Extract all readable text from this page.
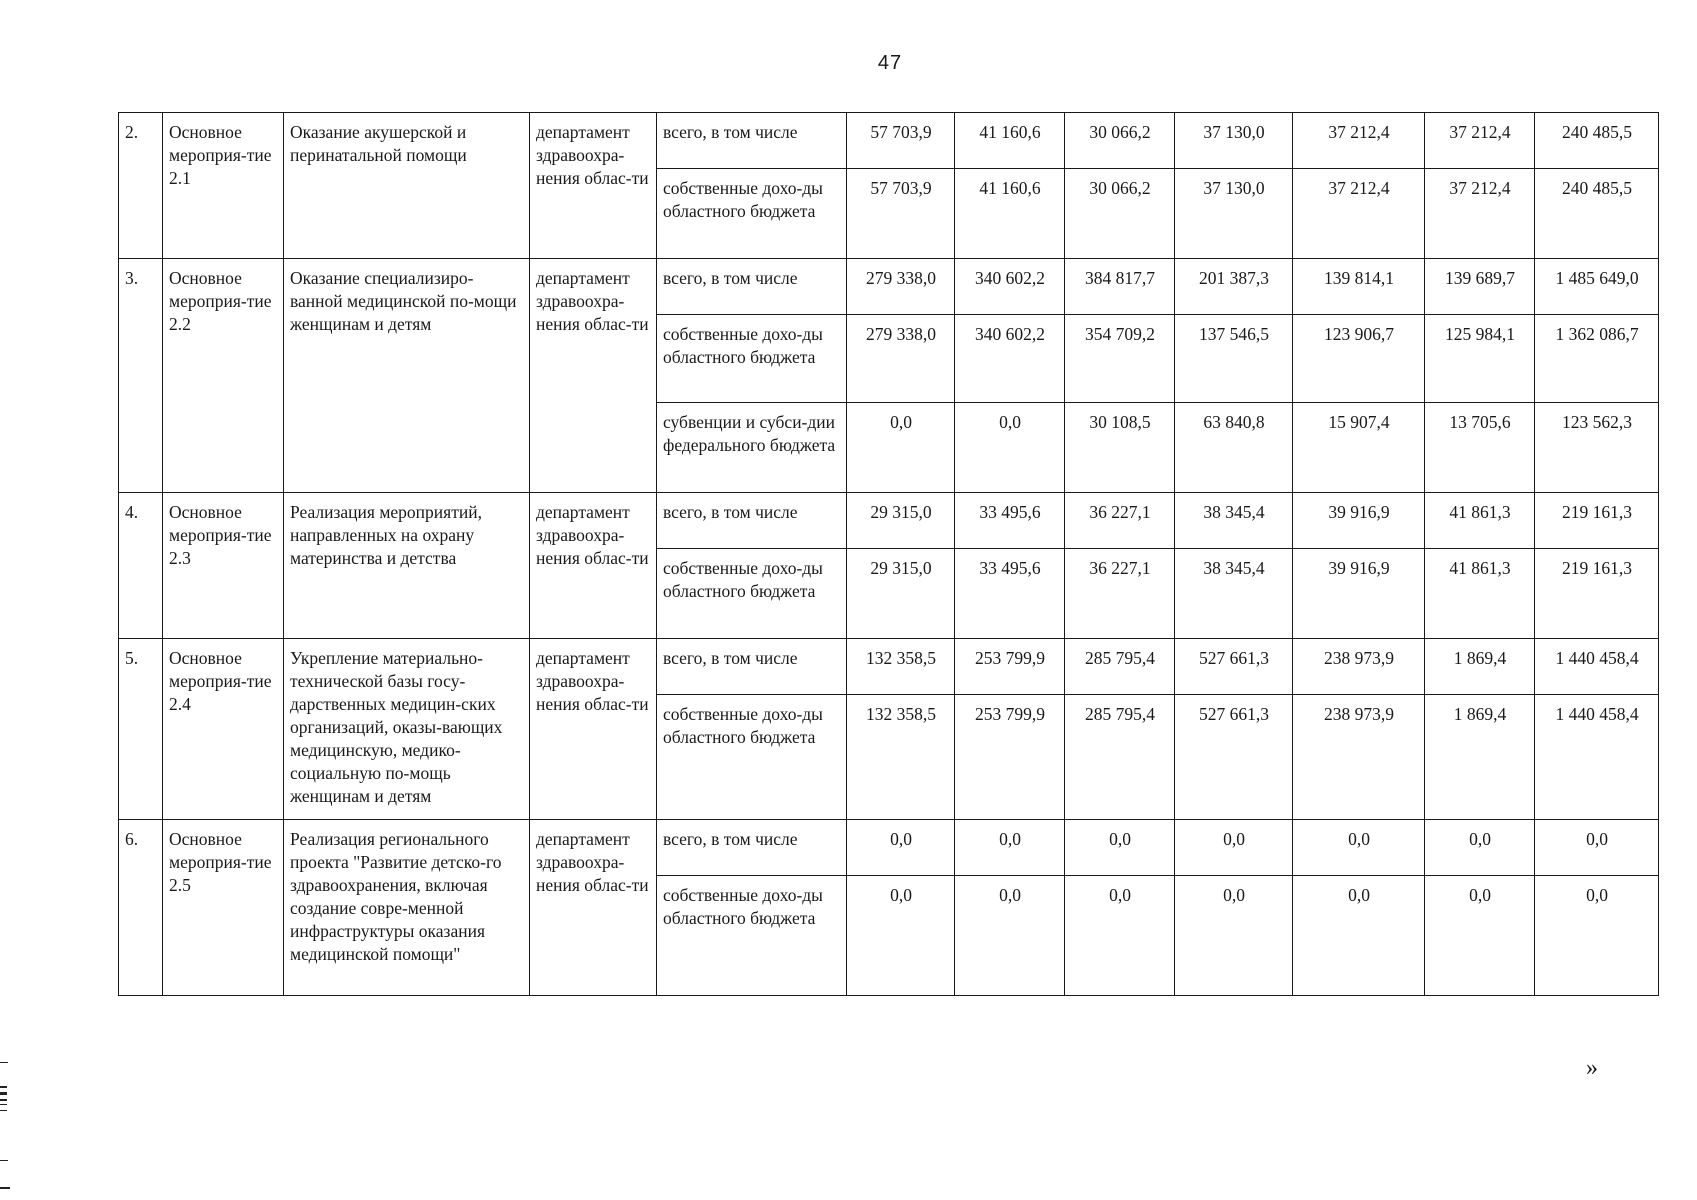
47
2.	Основное мероприя-тие 2.1	Оказание акушерской и перинатальной помощи	департамент здравоохра-нения облас-ти	всего, в том числе	57 703,9	41 160,6	30 066,2	37 130,0	37 212,4	37 212,4	240 485,5
				собственные дохо-ды областного бюджета	57 703,9	41 160,6	30 066,2	37 130,0	37 212,4	37 212,4	240 485,5
3.	Основное мероприя-тие 2.2	Оказание специализиро-ванной медицинской по-мощи женщинам и детям	департамент здравоохра-нения облас-ти	всего, в том числе	279 338,0	340 602,2	384 817,7	201 387,3	139 814,1	139 689,7	1 485 649,0
				собственные дохо-ды областного бюджета	279 338,0	340 602,2	354 709,2	137 546,5	123 906,7	125 984,1	1 362 086,7
				субвенции и субси-дии федерального бюджета	0,0	0,0	30 108,5	63 840,8	15 907,4	13 705,6	123 562,3
4.	Основное мероприя-тие 2.3	Реализация мероприятий, направленных на охрану материнства и детства	департамент здравоохра-нения облас-ти	всего, в том числе	29 315,0	33 495,6	36 227,1	38 345,4	39 916,9	41 861,3	219 161,3
				собственные дохо-ды областного бюджета	29 315,0	33 495,6	36 227,1	38 345,4	39 916,9	41 861,3	219 161,3
5.	Основное мероприя-тие 2.4	Укрепление материально-технической базы госу-дарственных медицин-ских организаций, оказы-вающих медицинскую, медико-социальную по-мощь женщинам и детям	департамент здравоохра-нения облас-ти	всего, в том числе	132 358,5	253 799,9	285 795,4	527 661,3	238 973,9	1 869,4	1 440 458,4
				собственные дохо-ды областного бюджета	132 358,5	253 799,9	285 795,4	527 661,3	238 973,9	1 869,4	1 440 458,4
6.	Основное мероприя-тие 2.5	Реализация регионального проекта "Развитие детско-го здравоохранения, включая создание совре-менной инфраструктуры оказания медицинской помощи"	департамент здравоохра-нения облас-ти	всего, в том числе	0,0	0,0	0,0	0,0	0,0	0,0	0,0
				собственные дохо-ды областного бюджета	0,0	0,0	0,0	0,0	0,0	0,0	0,0
»
